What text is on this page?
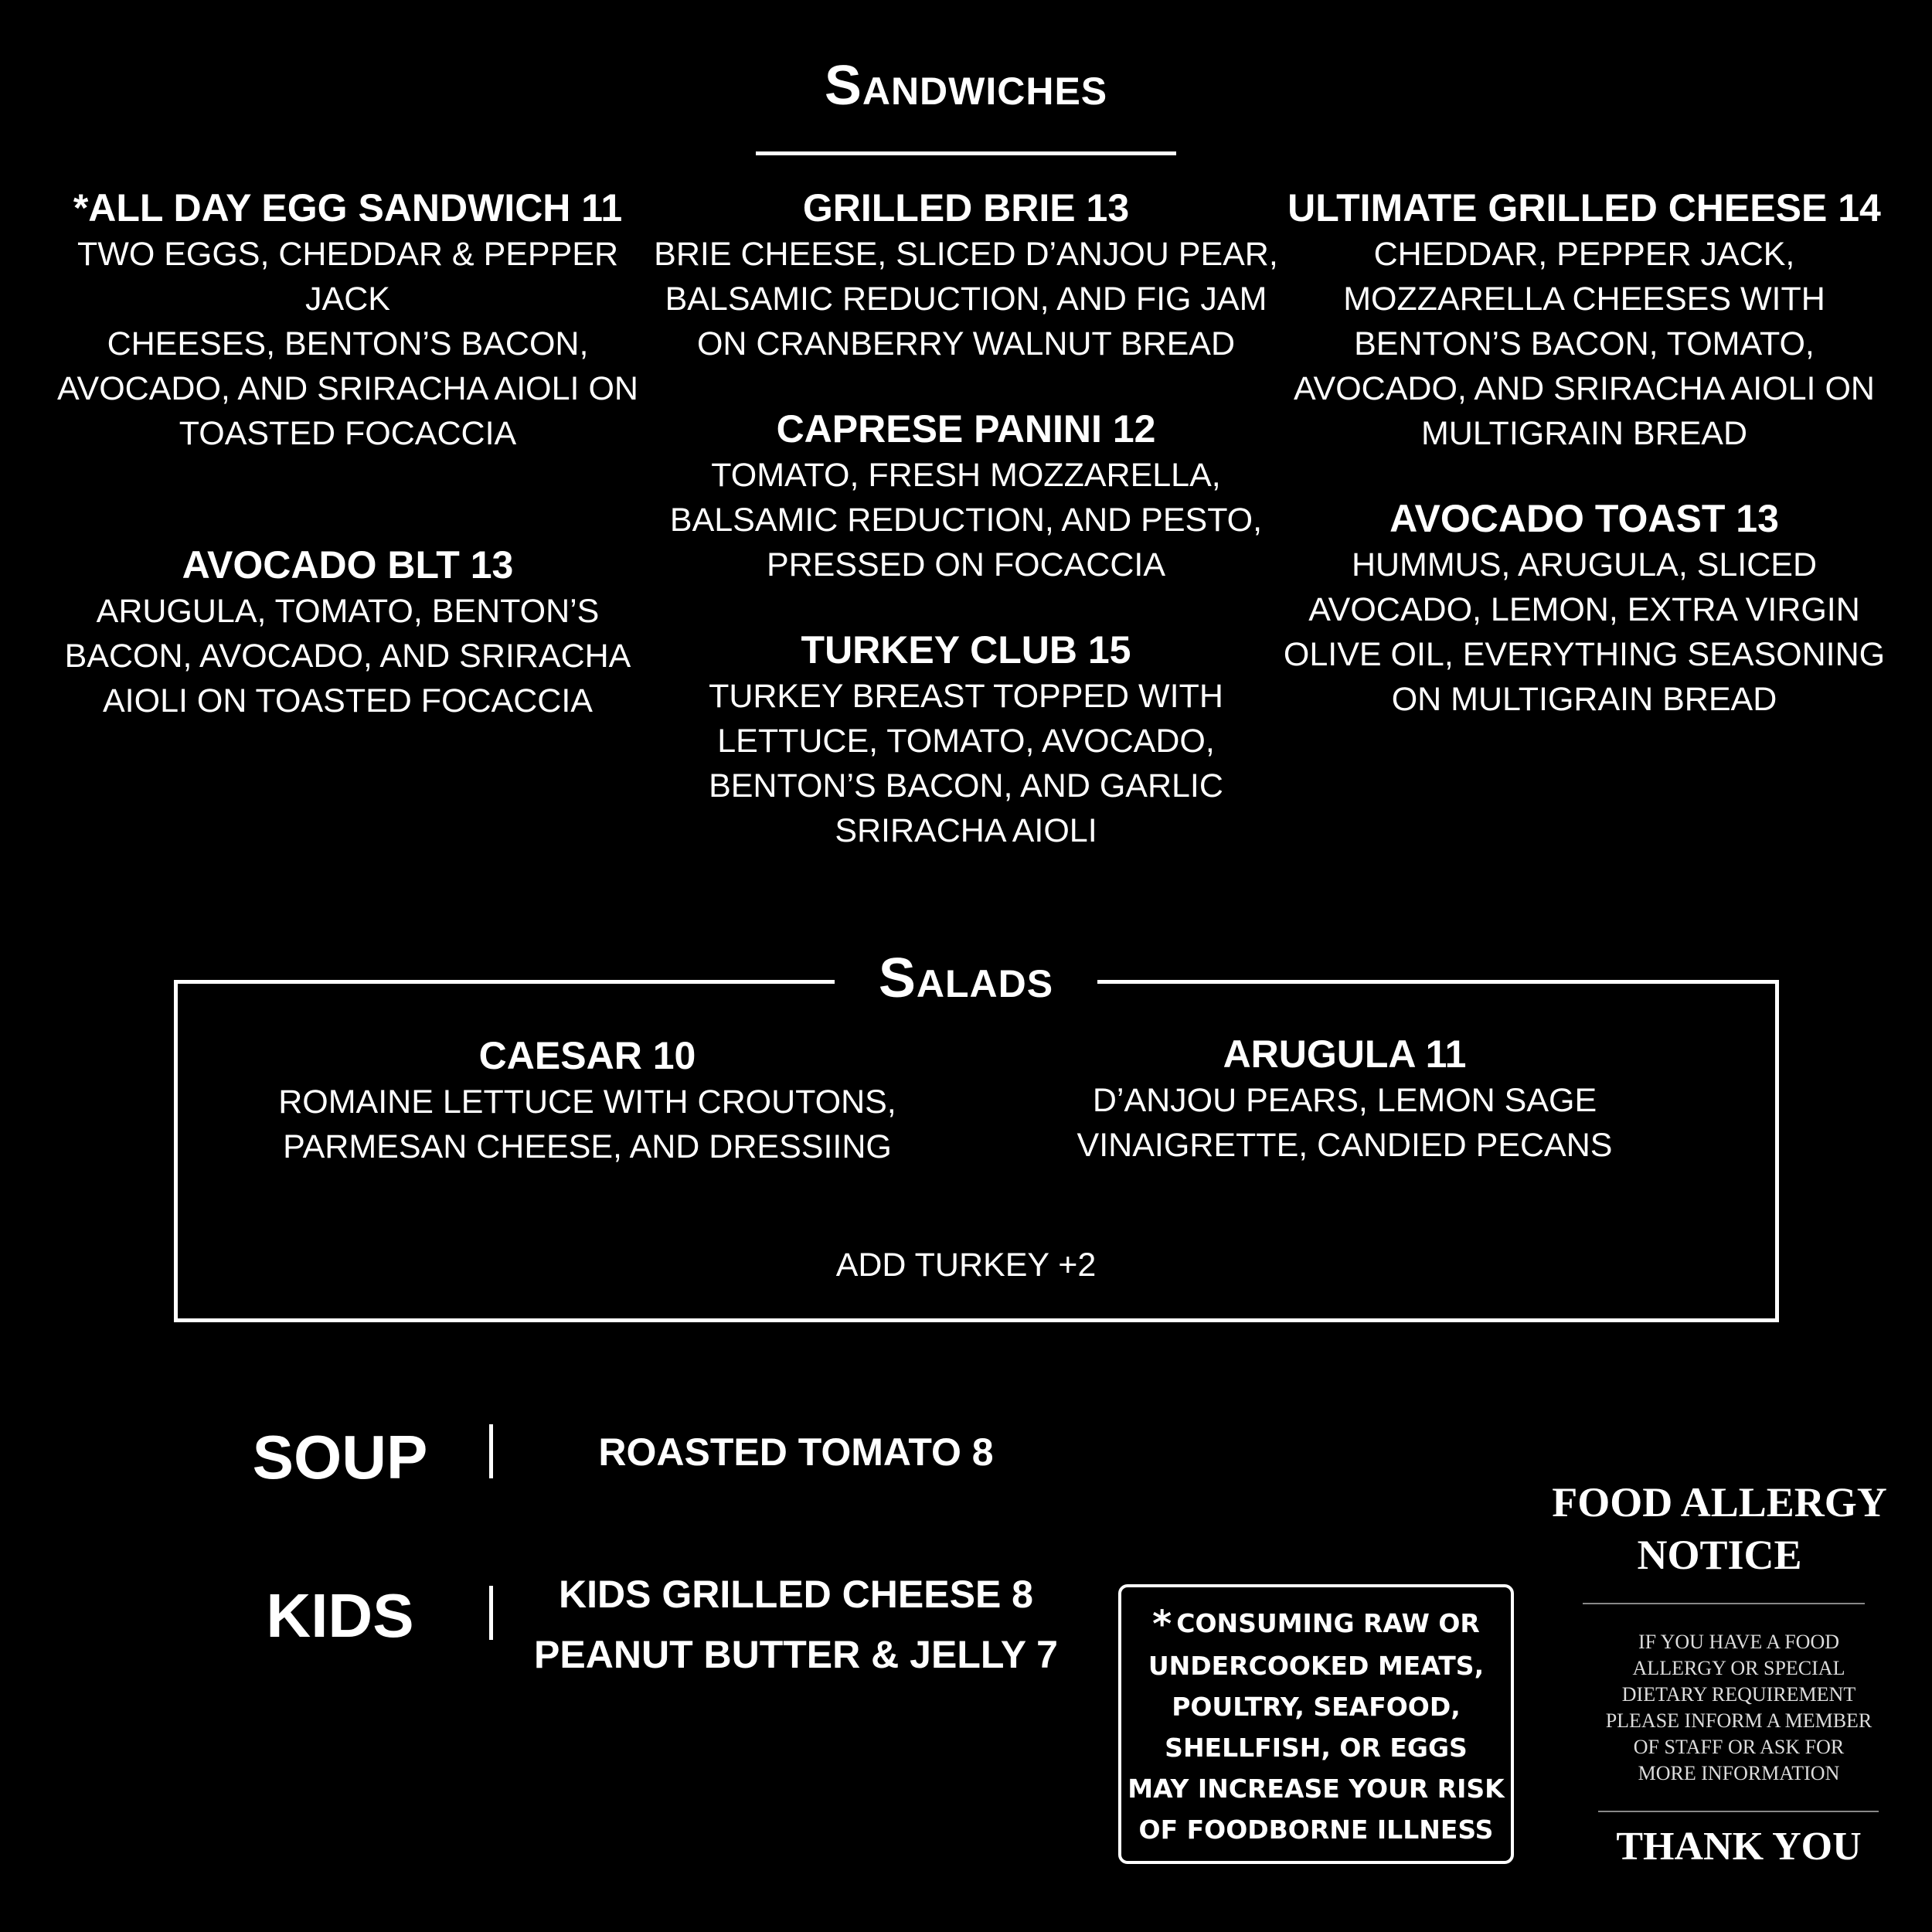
Sandwiches
*ALL DAY EGG SANDWICH 11
TWO EGGS, CHEDDAR & PEPPER JACK
CHEESES, BENTON’S BACON,
AVOCADO, AND SRIRACHA AIOLI ON
TOASTED FOCACCIA
AVOCADO BLT 13
ARUGULA, TOMATO, BENTON’S
BACON, AVOCADO, AND SRIRACHA
AIOLI ON TOASTED FOCACCIA
GRILLED BRIE 13
BRIE CHEESE, SLICED D’ANJOU PEAR,
BALSAMIC REDUCTION, AND FIG JAM
ON CRANBERRY WALNUT BREAD
CAPRESE PANINI 12
TOMATO, FRESH MOZZARELLA,
BALSAMIC REDUCTION, AND PESTO,
PRESSED ON FOCACCIA
TURKEY CLUB 15
TURKEY BREAST TOPPED WITH
LETTUCE, TOMATO, AVOCADO,
BENTON’S BACON, AND GARLIC
SRIRACHA AIOLI
ULTIMATE GRILLED CHEESE 14
CHEDDAR, PEPPER JACK,
MOZZARELLA CHEESES WITH
BENTON’S BACON, TOMATO,
AVOCADO, AND SRIRACHA AIOLI ON
MULTIGRAIN BREAD
AVOCADO TOAST 13
HUMMUS, ARUGULA, SLICED
AVOCADO, LEMON, EXTRA VIRGIN
OLIVE OIL, EVERYTHING SEASONING
ON MULTIGRAIN BREAD
Salads
CAESAR 10
ROMAINE LETTUCE WITH CROUTONS,
PARMESAN CHEESE, AND DRESSIING
ARUGULA 11
D’ANJOU PEARS, LEMON SAGE
VINAIGRETTE, CANDIED PECANS
ADD TURKEY +2
SOUP	ROASTED TOMATO 8
KIDS	KIDS GRILLED CHEESE 8
PEANUT BUTTER & JELLY 7
* CONSUMING RAW OR
UNDERCOOKED MEATS,
POULTRY, SEAFOOD,
SHELLFISH, OR EGGS
MAY INCREASE YOUR RISK
OF FOODBORNE ILLNESS
FOOD ALLERGY
NOTICE
IF YOU HAVE A FOOD
ALLERGY OR SPECIAL
DIETARY REQUIREMENT
PLEASE INFORM A MEMBER
OF STAFF OR ASK FOR
MORE INFORMATION
THANK YOU
